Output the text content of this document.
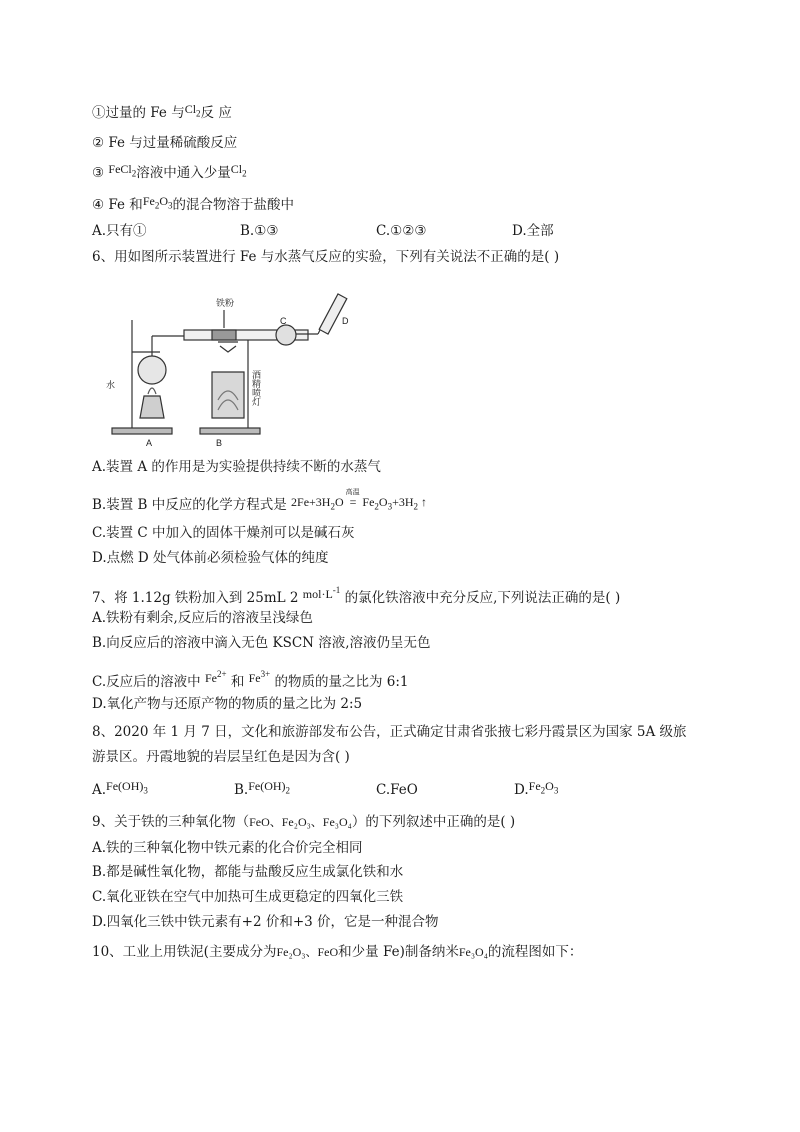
①过量的 Fe 与$Cl_2$反 应
② Fe 与过量稀硫酸反应
③ FeCl$_2$溶液中通入少量$Cl_2$
④ Fe 和$Fe_2O_3$的混合物溶于盐酸中
A.只有①	B.①③	C.①②③	D.全部
6、用如图所示装置进行 Fe 与水蒸气反应的实验，下列有关说法不正确的是( )
铁粉
水
A	B
C	D
酒精喷灯
A.装置 A 的作用是为实验提供持续不断的水蒸气
B.装置 B 中反应的化学方程式是 $2Fe+3H_2O$
高温
= $Fe_2O_3+3H_2$ ↑
C.装置 C 中加入的固体干燥剂可以是碱石灰
D.点燃 D 处气体前必须检验气体的纯度
7、将 1.12g 铁粉加入到 25mL 2 $mol\cdot L^{-1}$ 的氯化铁溶液中充分反应,下列说法正确的是( )
A.铁粉有剩余,反应后的溶液呈浅绿色
B.向反应后的溶液中滴入无色 KSCN 溶液,溶液仍呈无色
C.反应后的溶液中 $Fe^{2+}$ 和 $Fe^{3+}$ 的物质的量之比为 6:1
D.氧化产物与还原产物的物质的量之比为 2:5
8、2020 年 1 月 7 日，文化和旅游部发布公告，正式确定甘肃省张掖七彩丹霞景区为国家 5A 级旅
游景区。丹霞地貌的岩层呈红色是因为含( )
$A.Fe(OH)_3$	$B.Fe(OH)_2$	C.FeO	$D.Fe_2O_3$
9、关于铁的三种氧化物（FeO、Fe₂O₃、Fe₃O₄）的下列叙述中正确的是( )
A.铁的三种氧化物中铁元素的化合价完全相同
B.都是碱性氧化物，都能与盐酸反应生成氯化铁和水
C.氧化亚铁在空气中加热可生成更稳定的四氧化三铁
D.四氧化三铁中铁元素有+2 价和+3 价，它是一种混合物
10、工业上用铁泥(主要成分为Fe₂O₃、FeO和少量 Fe)制备纳米Fe₃O₄的流程图如下：
